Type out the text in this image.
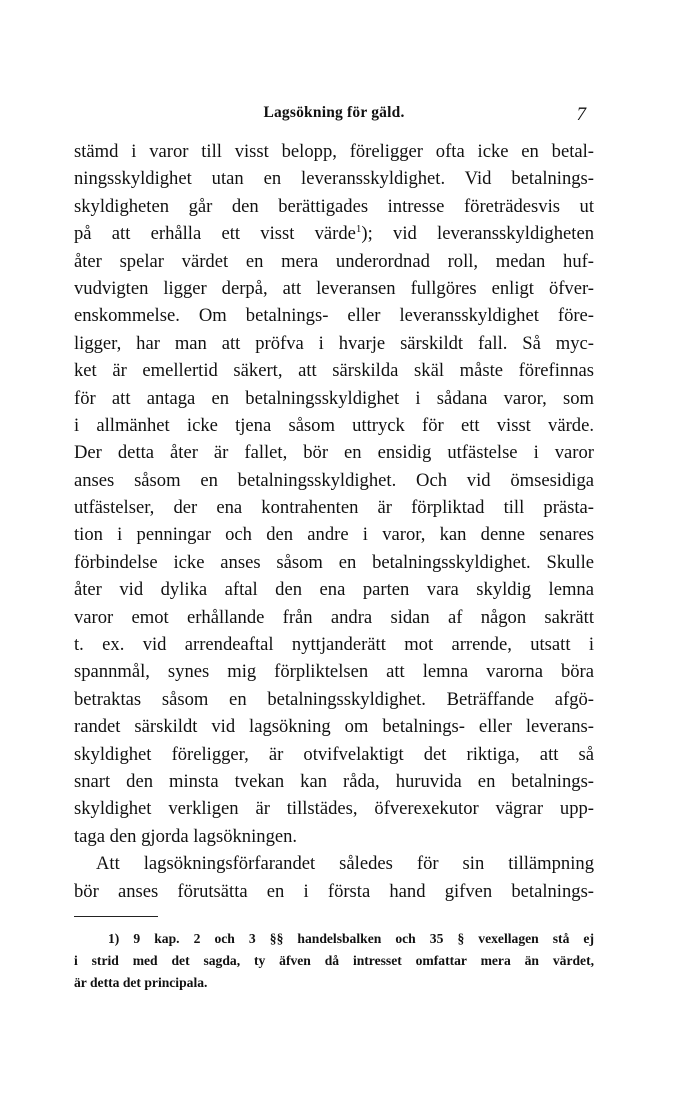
Lagsökning för gäld.	7
stämd i varor till visst belopp, föreligger ofta icke en betal-
ningsskyldighet utan en leveransskyldighet. Vid betalnings-
skyldigheten går den berättigades intresse företrädesvis ut
på att erhålla ett visst värde$^1$); vid leveransskyldigheten
åter spelar värdet en mera underordnad roll, medan huf-
vudvigten ligger derpå, att leveransen fullgöres enligt öfver-
enskommelse. Om betalnings- eller leveransskyldighet före-
ligger, har man att pröfva i hvarje särskildt fall. Så myc-
ket är emellertid säkert, att särskilda skäl måste förefinnas
för att antaga en betalningsskyldighet i sådana varor, som
i allmänhet icke tjena såsom uttryck för ett visst värde.
Der detta åter är fallet, bör en ensidig utfästelse i varor
anses såsom en betalningsskyldighet. Och vid ömsesidiga
utfästelser, der ena kontrahenten är förpliktad till prästa-
tion i penningar och den andre i varor, kan denne senares
förbindelse icke anses såsom en betalningsskyldighet. Skulle
åter vid dylika aftal den ena parten vara skyldig lemna
varor emot erhållande från andra sidan af någon sakrätt
t. ex. vid arrendeaftal nyttjanderätt mot arrende, utsatt i
spannmål, synes mig förpliktelsen att lemna varorna böra
betraktas såsom en betalningsskyldighet. Beträffande afgö-
randet särskildt vid lagsökning om betalnings- eller leverans-
skyldighet föreligger, är otvifvelaktigt det riktiga, att så
snart den minsta tvekan kan råda, huruvida en betalnings-
skyldighet verkligen är tillstädes, öfverexekutor vägrar upp-
taga den gjorda lagsökningen.
Att lagsökningsförfarandet således för sin tillämpning
bör anses förutsätta en i första hand gifven betalnings-
1) 9 kap. 2 och 3 §§ handelsbalken och 35 § vexellagen stå ej
i strid med det sagda, ty äfven då intresset omfattar mera än värdet,
är detta det principala.
